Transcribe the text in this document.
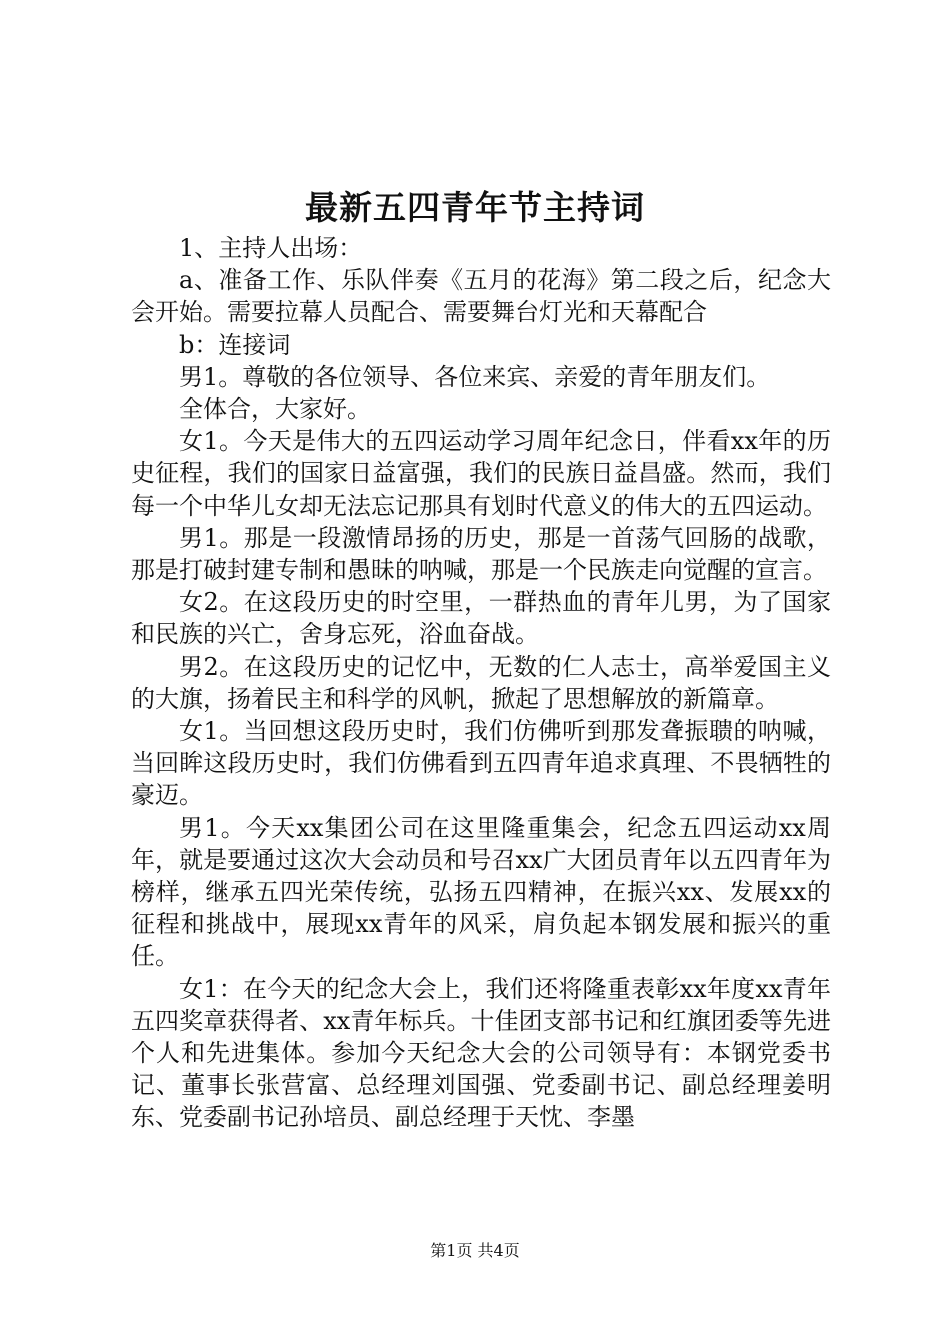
最新五四青年节主持词

1、主持人出场：

a、准备工作、乐队伴奏《五月的花海》第二段之后，纪念大会开始。需要拉幕人员配合、需要舞台灯光和天幕配合

b：连接词

男1。尊敬的各位领导、各位来宾、亲爱的青年朋友们。

全体合，大家好。

女1。今天是伟大的五四运动学习周年纪念日，伴看xx年的历史征程，我们的国家日益富强，我们的民族日益昌盛。然而，我们每一个中华儿女却无法忘记那具有划时代意义的伟大的五四运动。

男1。那是一段激情昂扬的历史，那是一首荡气回肠的战歌，那是打破封建专制和愚昧的呐喊，那是一个民族走向觉醒的宣言。

女2。在这段历史的时空里，一群热血的青年儿男，为了国家和民族的兴亡，舍身忘死，浴血奋战。

男2。在这段历史的记忆中，无数的仁人志士，高举爱国主义的大旗，扬着民主和科学的风帆，掀起了思想解放的新篇章。

女1。当回想这段历史时，我们仿佛听到那发聋振聩的呐喊，当回眸这段历史时，我们仿佛看到五四青年追求真理、不畏牺牲的豪迈。

男1。今天xx集团公司在这里隆重集会，纪念五四运动xx周年，就是要通过这次大会动员和号召xx广大团员青年以五四青年为榜样，继承五四光荣传统，弘扬五四精神，在振兴xx、发展xx的征程和挑战中，展现xx青年的风采，肩负起本钢发展和振兴的重任。

女1：在今天的纪念大会上，我们还将隆重表彰xx年度xx青年五四奖章获得者、xx青年标兵。十佳团支部书记和红旗团委等先进个人和先进集体。参加今天纪念大会的公司领导有：本钢党委书记、董事长张营富、总经理刘国强、党委副书记、副总经理姜明东、党委副书记孙培员、副总经理于天忱、李墨

第1页 共4页
